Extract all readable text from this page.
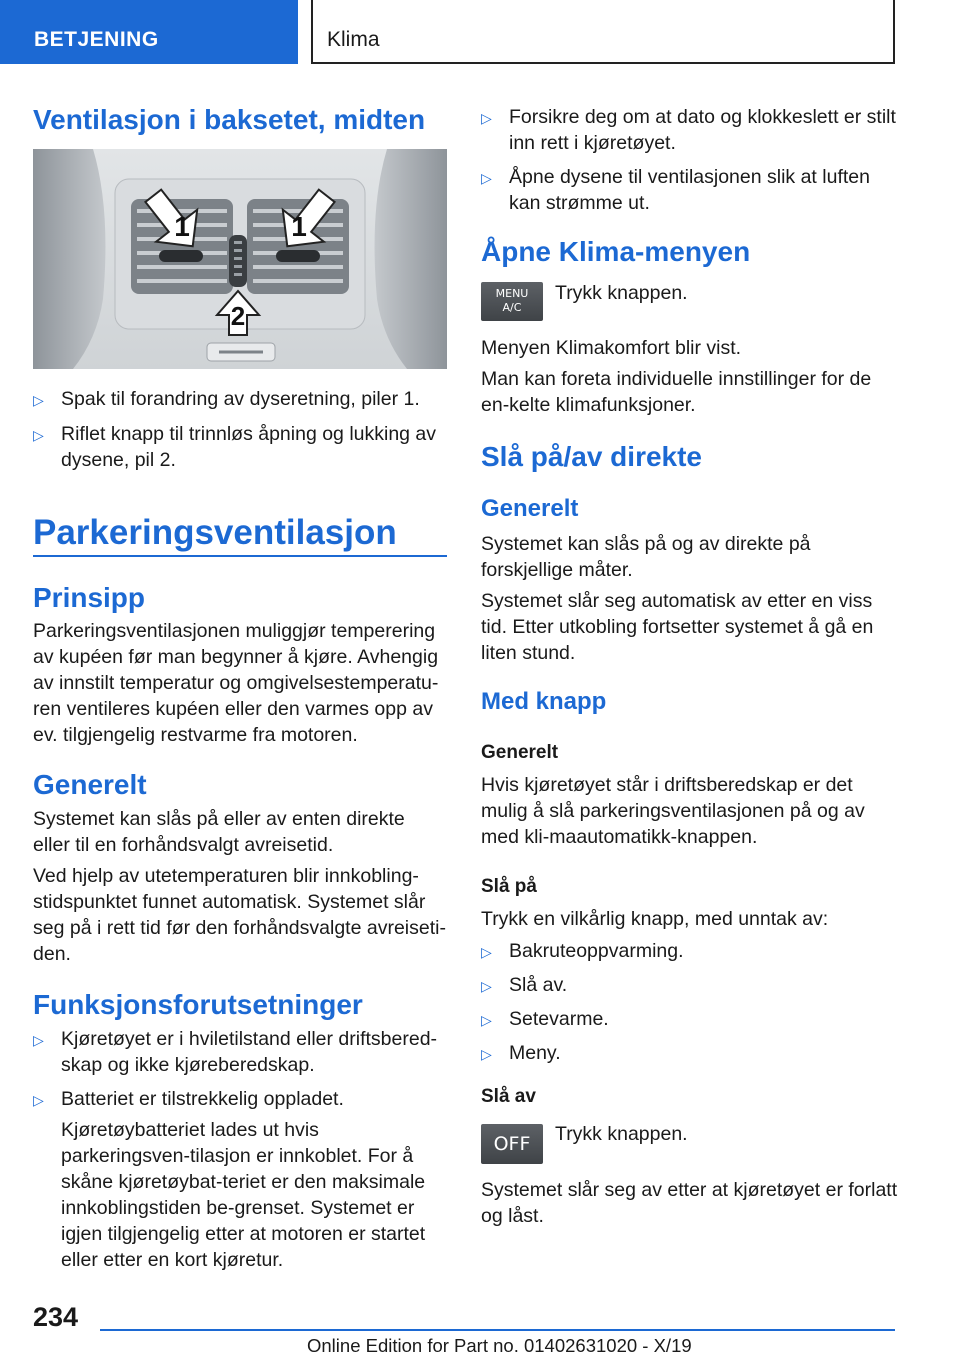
BETJENING	Klima
Ventilasjon i baksetet, midten
1	1
2
▷ Spak til forandring av dyseretning, piler 1.
▷ Riflet knapp til trinnløs åpning og lukking av dysene, pil 2.
Parkeringsventilasjon
Prinsipp
Parkeringsventilasjonen muliggjør temperering av kupéen før man begynner å kjøre. Avhengig av innstilt temperatur og omgivelsestemperatu-ren ventileres kupéen eller den varmes opp av ev. tilgjengelig restvarme fra motoren.
Generelt
Systemet kan slås på eller av enten direkte eller til en forhåndsvalgt avreisetid.
Ved hjelp av utetemperaturen blir innkobling-stidspunktet funnet automatisk. Systemet slår seg på i rett tid før den forhåndsvalgte avreiseti-den.
Funksjonsforutsetninger
▷ Kjøretøyet er i hviletilstand eller driftsbered-skap og ikke kjøreberedskap.
▷ Batteriet er tilstrekkelig oppladet.
Kjøretøybatteriet lades ut hvis parkeringsven-tilasjon er innkoblet. For å skåne kjøretøybat-teriet er den maksimale innkoblingstiden be-grenset. Systemet er igjen tilgjengelig etter at motoren er startet eller etter en kort kjøretur.
▷ Forsikre deg om at dato og klokkeslett er stilt inn rett i kjøretøyet.
▷ Åpne dysene til ventilasjonen slik at luften kan strømme ut.
Åpne Klima-menyen
MENU
A/C
Trykk knappen.
Menyen Klimakomfort blir vist.
Man kan foreta individuelle innstillinger for de en-kelte klimafunksjoner.
Slå på/av direkte
Generelt
Systemet kan slås på og av direkte på forskjellige måter.
Systemet slår seg automatisk av etter en viss tid. Etter utkobling fortsetter systemet å gå en liten stund.
Med knapp
Generelt
Hvis kjøretøyet står i driftsberedskap er det mulig å slå parkeringsventilasjonen på og av med kli-maautomatikk-knappen.
Slå på
Trykk en vilkårlig knapp, med unntak av:
▷ Bakruteoppvarming.
▷ Slå av.
▷ Setevarme.
▷ Meny.
Slå av
OFF	Trykk knappen.
Systemet slår seg av etter at kjøretøyet er forlatt og låst.
234
Online Edition for Part no. 01402631020 - X/19
